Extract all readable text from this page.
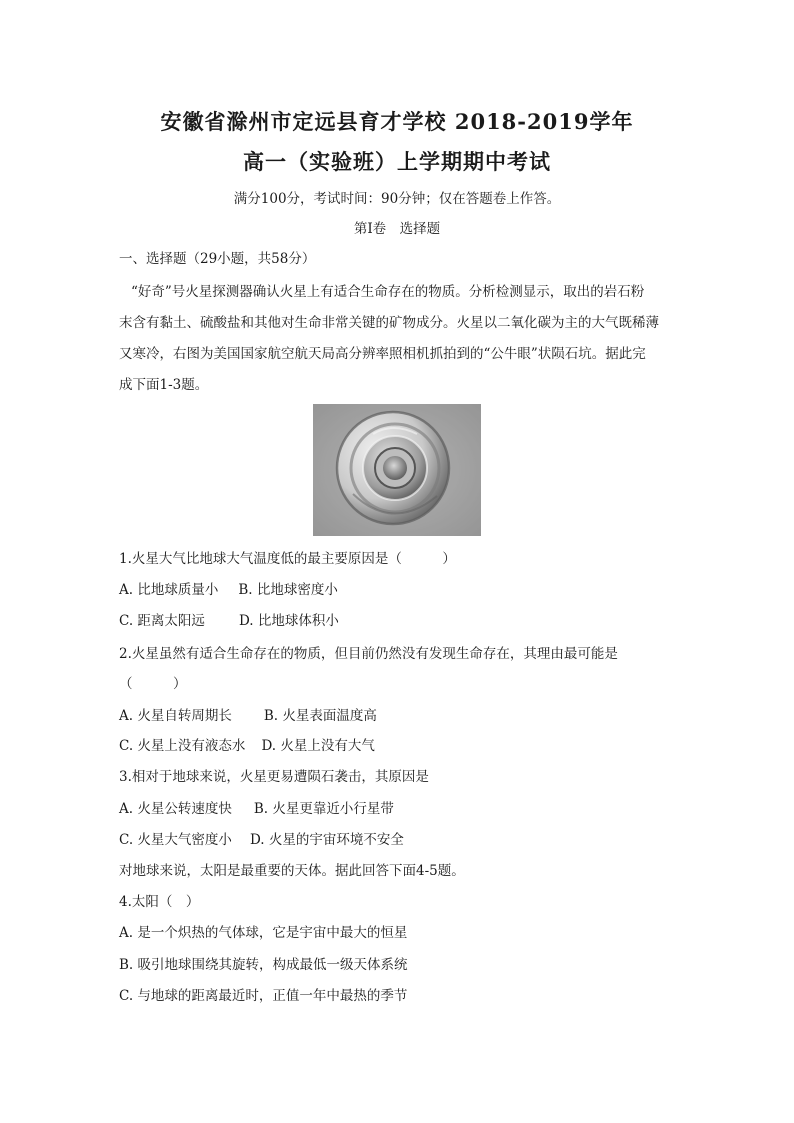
安徽省滁州市定远县育才学校 2018-2019学年
高一（实验班）上学期期中考试
满分100分，考试时间：90分钟；仅在答题卷上作答。
第Ⅰ卷　选择题
一、选择题（29小题，共58分）
“好奇”号火星探测器确认火星上有适合生命存在的物质。分析检测显示，取出的岩石粉
末含有黏土、硫酸盐和其他对生命非常关键的矿物成分。火星以二氧化碳为主的大气既稀薄
又寒冷，右图为美国国家航空航天局高分辨率照相机抓拍到的“公牛眼”状陨石坑。据此完
成下面1-3题。
1.火星大气比地球大气温度低的最主要原因是（　　　）
A. 比地球质量小 B. 比地球密度小
C. 距离太阳远	D. 比地球体积小
2.火星虽然有适合生命存在的物质，但目前仍然没有发现生命存在，其理由最可能是
（　　　）
A. 火星自转周期长 B. 火星表面温度高
C. 火星上没有液态水 D. 火星上没有大气
3.相对于地球来说，火星更易遭陨石袭击，其原因是
A. 火星公转速度快 B. 火星更靠近小行星带
C. 火星大气密度小 D. 火星的宇宙环境不安全
对地球来说，太阳是最重要的天体。据此回答下面4-5题。
4.太阳（　）
A. 是一个炽热的气体球，它是宇宙中最大的恒星
B. 吸引地球围绕其旋转，构成最低一级天体系统
C. 与地球的距离最近时，正值一年中最热的季节
